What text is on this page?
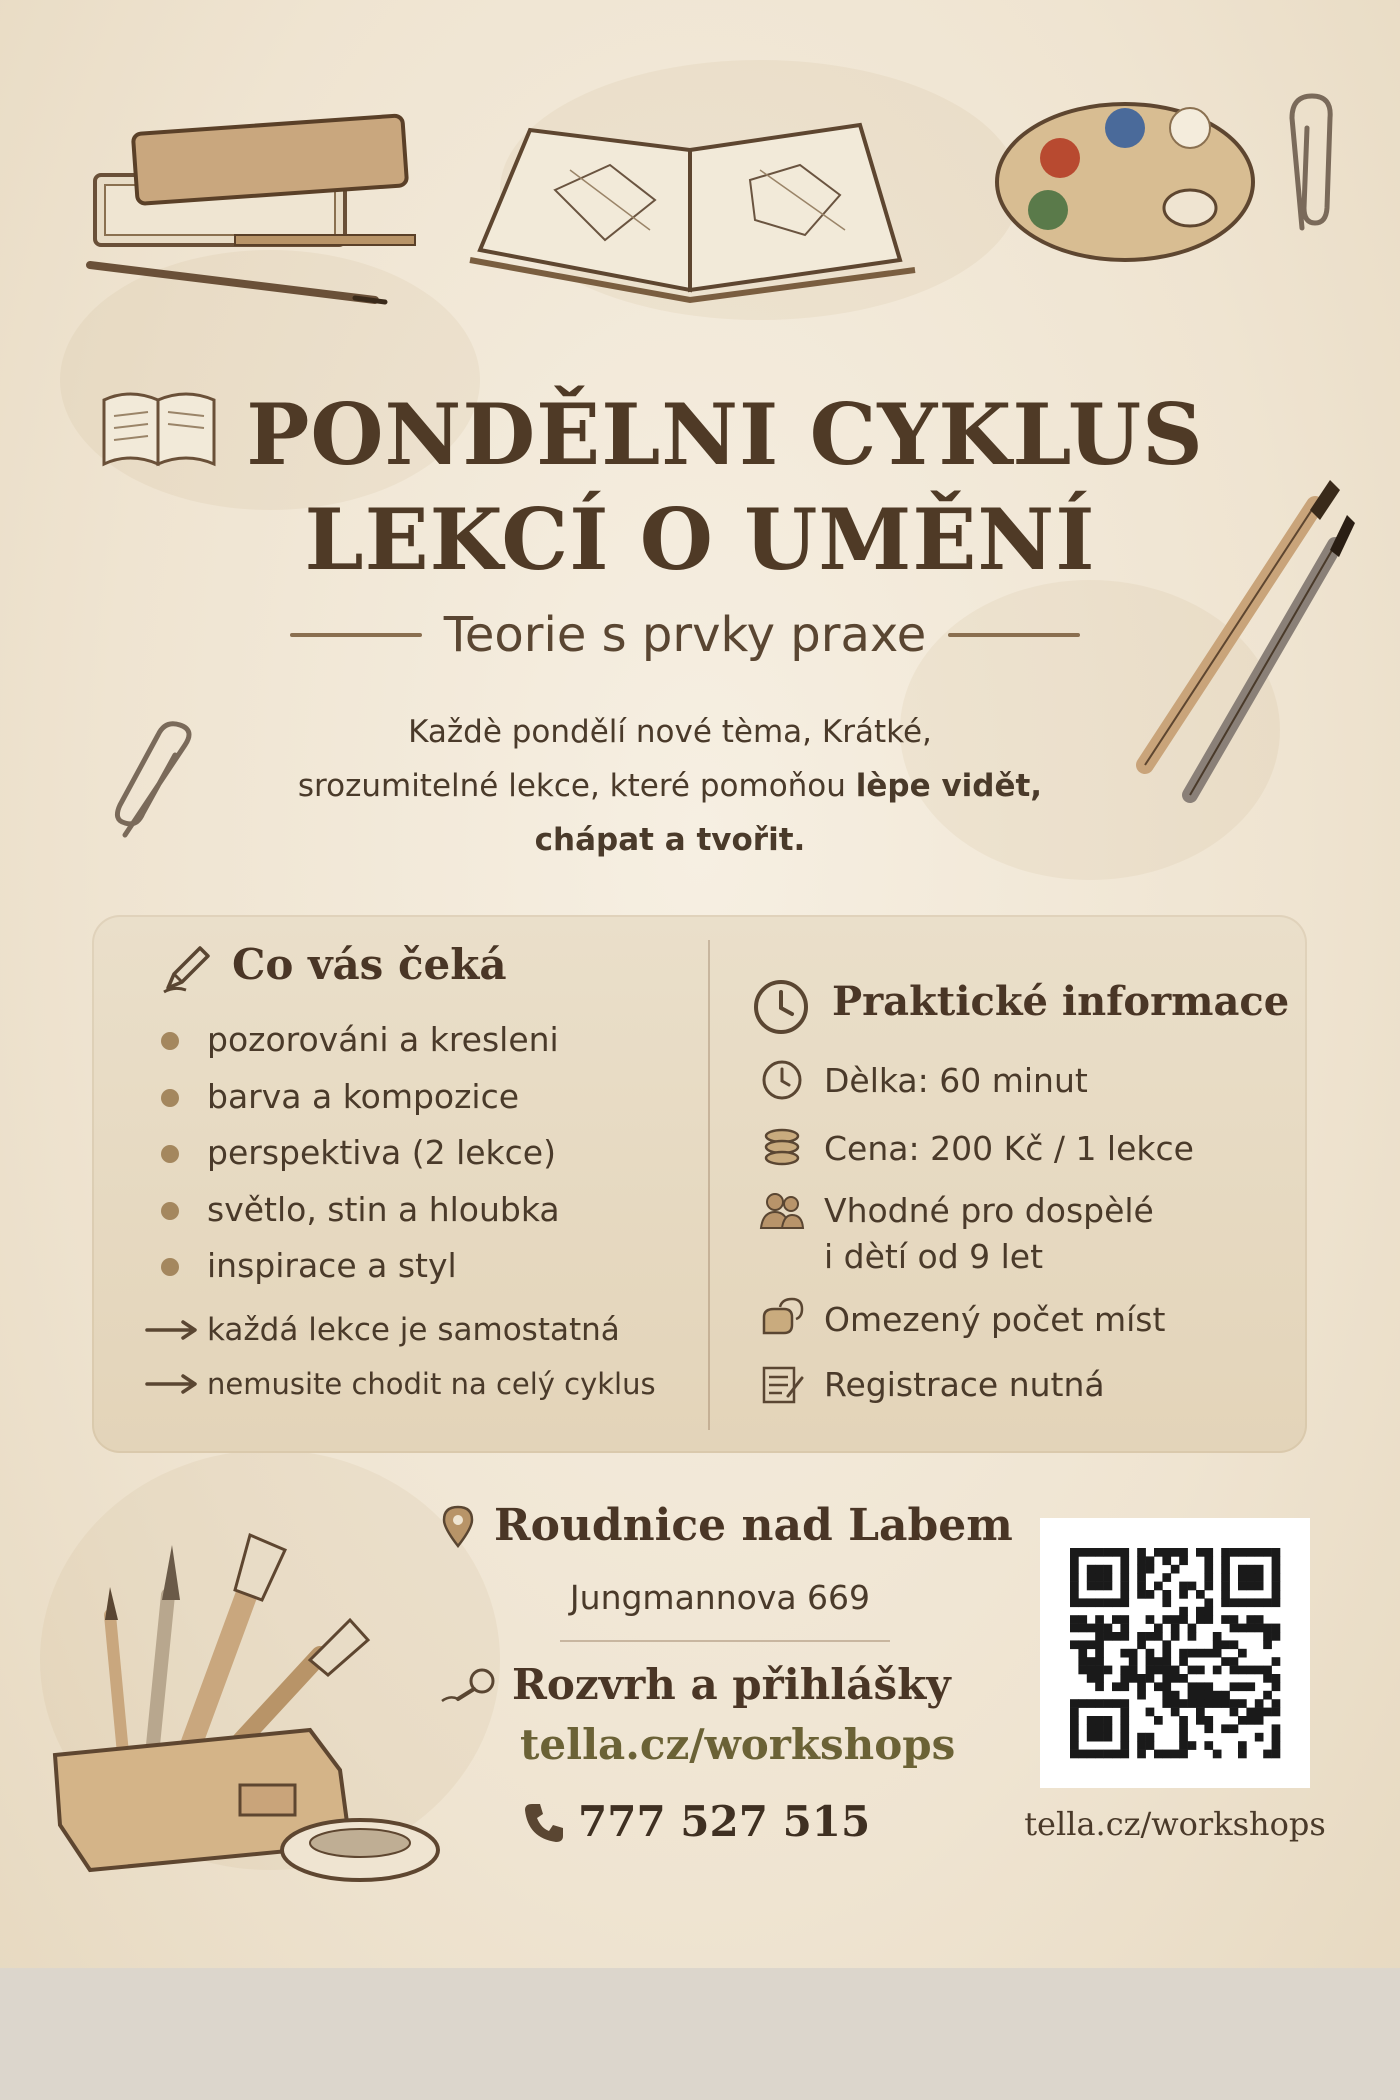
PONDĚLNI CYKLUS
LEKCÍ O UMĚNÍ
Teorie s prvky praxe
Každè pondělí nové tèma, Krátké,
srozumitelné lekce, které pomoňou lèpe vidět,
chápat a tvořit.
Co vás čeká
pozorováni a kresleni
barva a kompozice
perspektiva (2 lekce)
světlo, stin a hloubka
inspirace a styl
každá lekce je samostatná
nemusite chodit na celý cyklus
Praktické informace
Dèlka: 60 minut
Cena: 200 Kč / 1 lekce
Vhodné pro dospèlé
i dètí od 9 let
Omezený počet míst
Registrace nutná
Roudnice nad Labem
Jungmannova 669
Rozvrh a přihlášky
tella.cz/workshops
777 527 515	tella.cz/workshops
